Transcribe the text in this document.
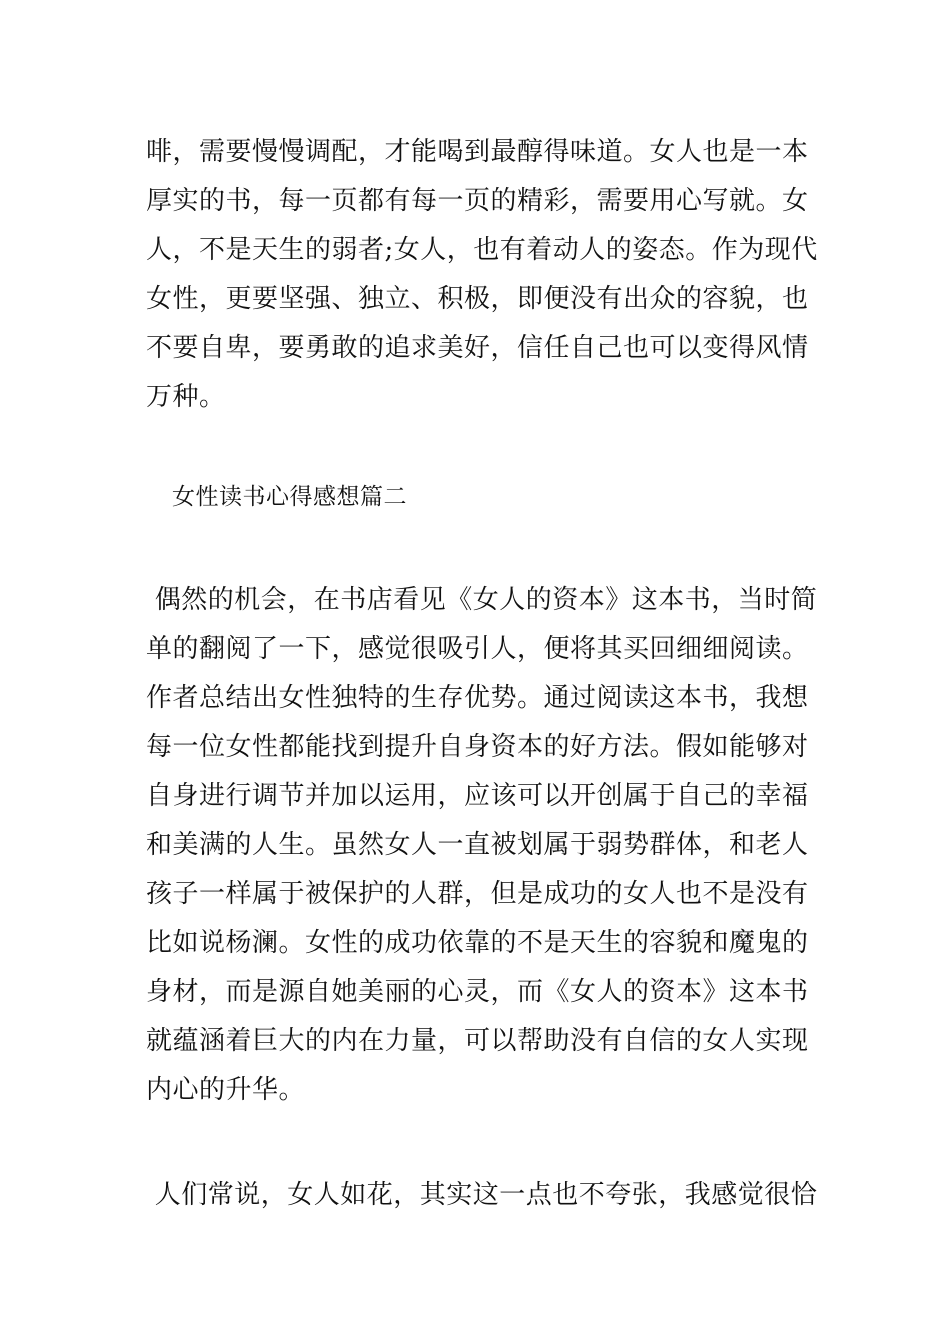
啡，需要慢慢调配，才能喝到最醇得味道。女人也是一本
厚实的书，每一页都有每一页的精彩，需要用心写就。女
人，不是天生的弱者;女人，也有着动人的姿态。作为现代
女性，更要坚强、独立、积极，即便没有出众的容貌，也
不要自卑，要勇敢的追求美好，信任自己也可以变得风情
万种。
女性读书心得感想篇二
偶然的机会，在书店看见《女人的资本》这本书，当时简
单的翻阅了一下，感觉很吸引人，便将其买回细细阅读。
作者总结出女性独特的生存优势。通过阅读这本书，我想
每一位女性都能找到提升自身资本的好方法。假如能够对
自身进行调节并加以运用，应该可以开创属于自己的幸福
和美满的人生。虽然女人一直被划属于弱势群体，和老人
孩子一样属于被保护的人群，但是成功的女人也不是没有
比如说杨澜。女性的成功依靠的不是天生的容貌和魔鬼的
身材，而是源自她美丽的心灵，而《女人的资本》这本书
就蕴涵着巨大的内在力量，可以帮助没有自信的女人实现
内心的升华。
人们常说，女人如花，其实这一点也不夸张，我感觉很恰
